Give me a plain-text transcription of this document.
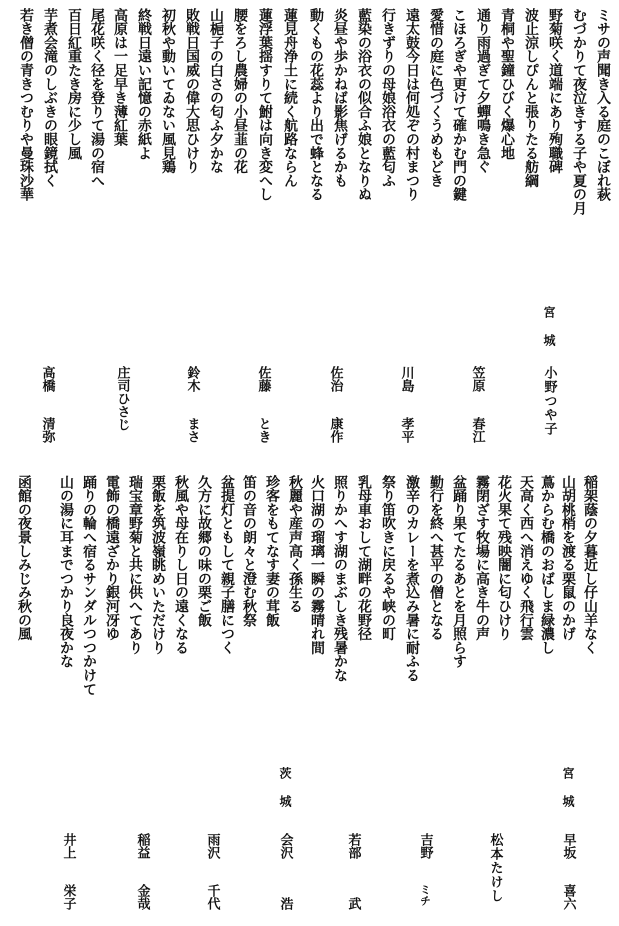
ミサの声聞き入る庭のこぼれ萩
むづかりて夜泣きする子や夏の月
野菊咲く道端にあり殉職碑
波止涼しぴんと張りたる舫綱
青桐や聖鐘ひびく爆心地
通り雨過ぎて夕蟬鳴き急ぐ
こほろぎや更けて確かむ門の鍵
愛惜の庭に色づくうめもどき
遠太鼓今日は何処ぞの村まつり
行きずりの母娘浴衣の藍匂ふ
藍染の浴衣の似合ふ娘となりぬ
炎昼や歩かねば影焦げるかも
動くもの花蕊より出で蜂となる
蓮見舟浄土に続く航路ならん
蓮浮葉揺すりて鮒は向き変へし
腰をろし農婦の小昼韮の花
山梔子の白さの匂ふ夕かな
敗戦日国威の偉大思ひけり
初秋や動いてゐない風見鶏
終戦日遠い記憶の赤紙よ
高原は一足早き薄紅葉
尾花咲く径を登りて湯の宿へ
百日紅重たき房に少し風
芋煮会滝のしぶきの眼鏡拭く
若き僧の青きつむりや曼珠沙華
宮城
小野つや子
笠原
春江
川島
孝平
佐治
康作
佐藤
とき
鈴木
まさ
庄司ひさじ
高橋
清弥
稲架蔭の夕暮近し仔山羊なく
山胡桃梢を渡る栗鼠のかげ
蔦からむ橋のおばしま緑濃し
天高く西へ消えゆく飛行雲
花火果て残映闇に匂ひけり
霧閉ざす牧場に高き牛の声
盆踊り果てたるあとを月照らす
勤行を終へ甚平の僧となる
激辛のカレーを煮込み暑に耐ふる
祭り笛吹きに戻るや峡の町
乳母車おして湖畔の花野径
照りかへす湖のまぶしき残暑かな
火口湖の瑠璃一瞬の霧晴れ間
秋麗や産声高く孫生る
珍客をもてなす妻の茸飯
笛の音の朗々と澄む秋祭
盆提灯ともして親子膳につく
久方に故郷の味の栗ご飯
秋風や母在りし日の遠くなる
栗飯を筑波嶺眺めいただけり
瑞宝章野菊と共に供へてあり
電飾の橋遠ざかり銀河冴ゆ
踊りの輪へ宿るサンダルつつかけて
山の湯に耳までつかり良夜かな
函館の夜景しみじみ秋の風
宮城
早坂
喜六
松本たけし
吉野
ミチ
若部
武
茨城
会沢
浩
雨沢
千代
稲益
金哉
井上
栄子
